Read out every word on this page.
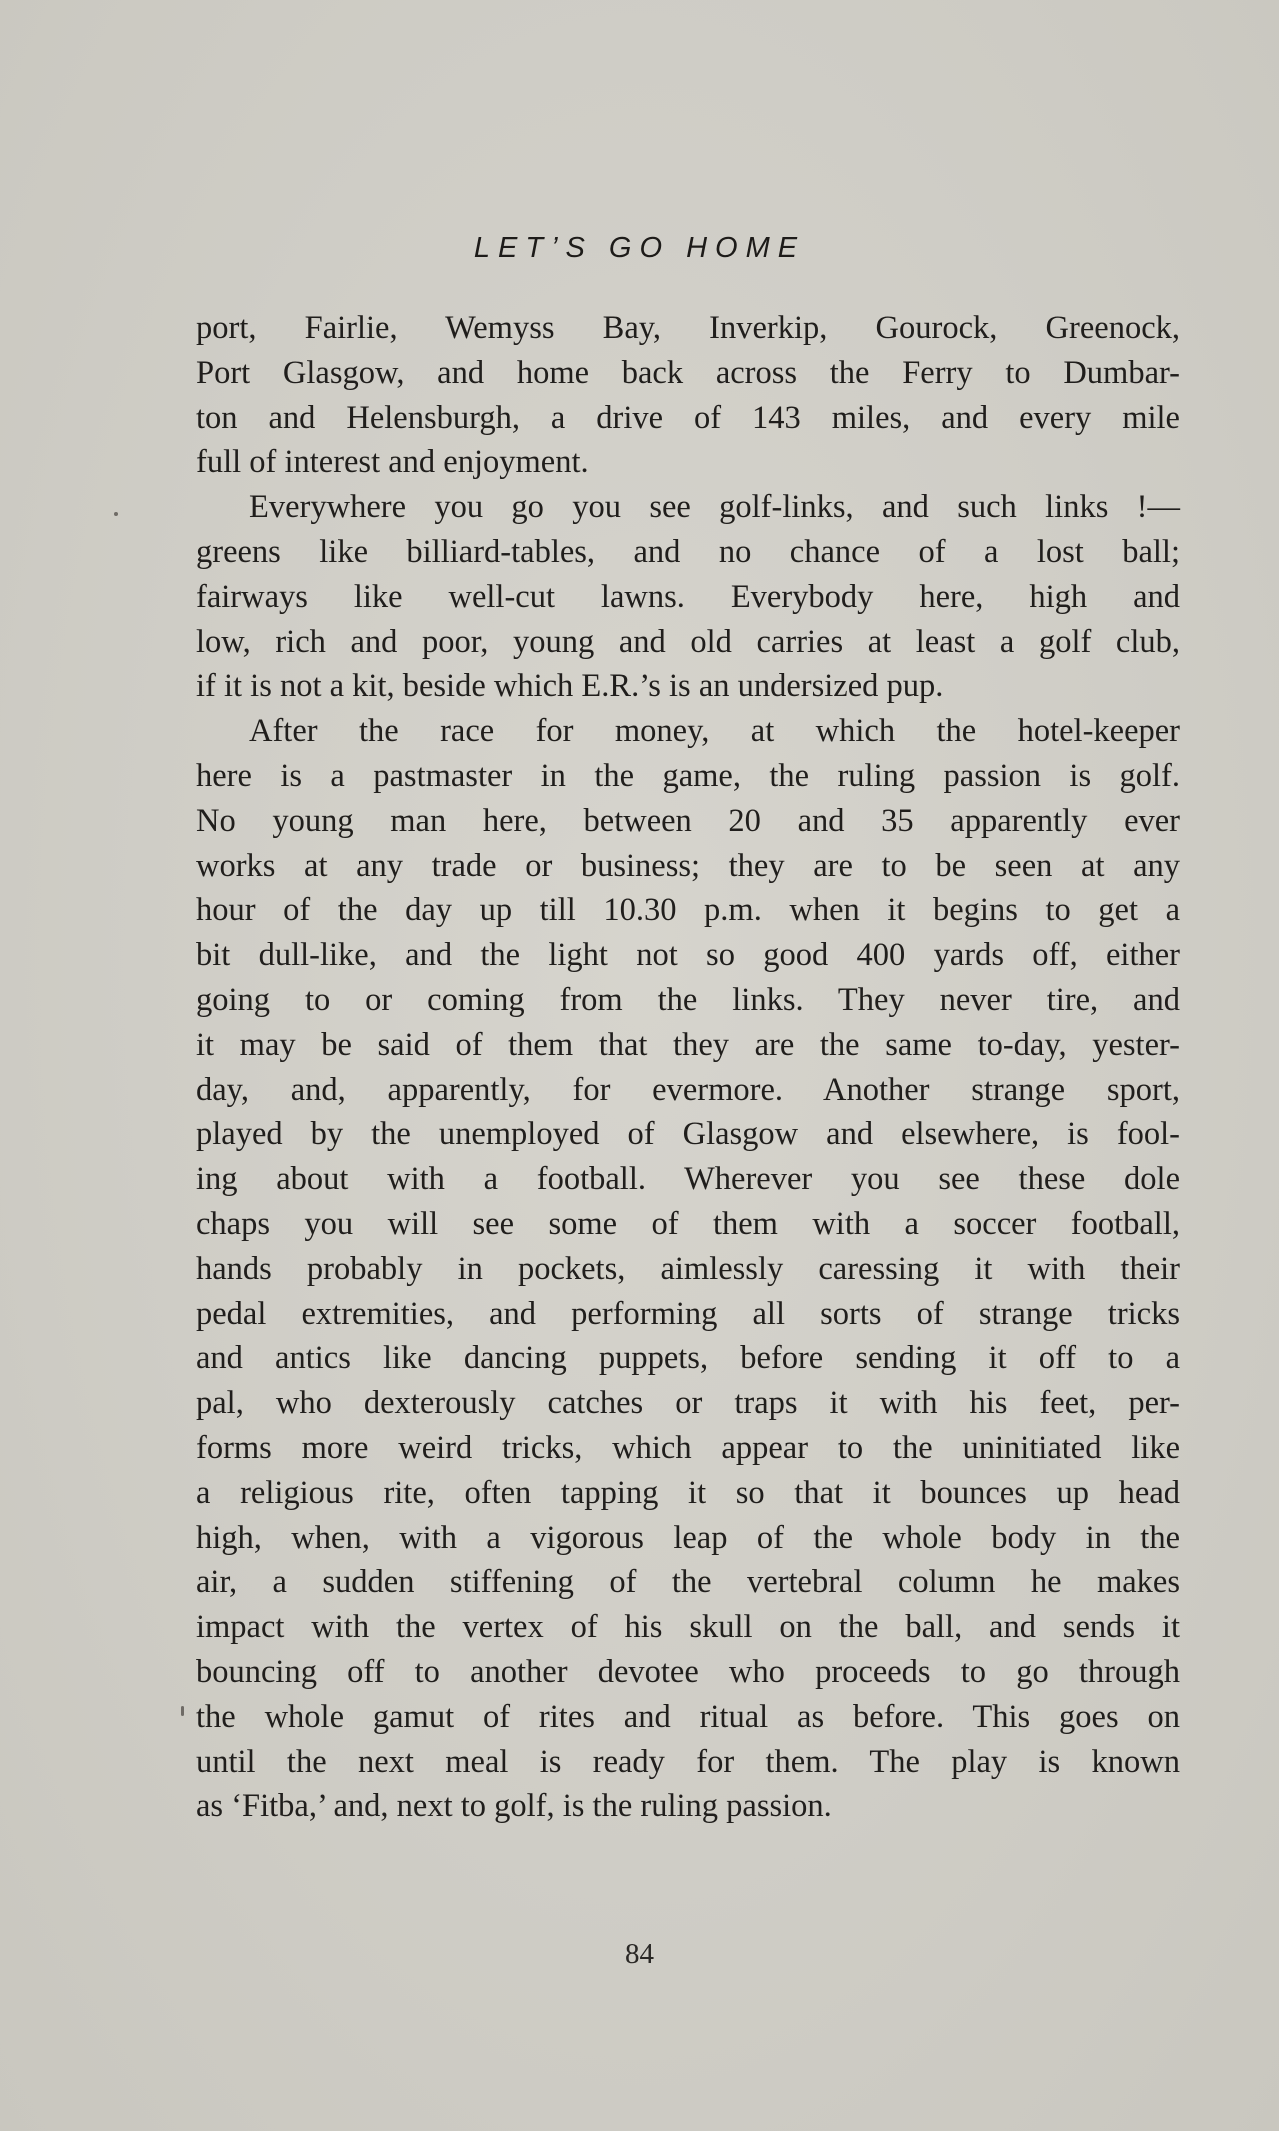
LET’S GO HOME
port, Fairlie, Wemyss Bay, Inverkip, Gourock, Greenock,
Port Glasgow, and home back across the Ferry to Dumbar-
ton and Helensburgh, a drive of 143 miles, and every mile
full of interest and enjoyment.
Everywhere you go you see golf-links, and such links !—
greens like billiard-tables, and no chance of a lost ball;
fairways like well-cut lawns. Everybody here, high and
low, rich and poor, young and old carries at least a golf club,
if it is not a kit, beside which E.R.’s is an undersized pup.
After the race for money, at which the hotel-keeper
here is a pastmaster in the game, the ruling passion is golf.
No young man here, between 20 and 35 apparently ever
works at any trade or business; they are to be seen at any
hour of the day up till 10.30 p.m. when it begins to get a
bit dull-like, and the light not so good 400 yards off, either
going to or coming from the links. They never tire, and
it may be said of them that they are the same to-day, yester-
day, and, apparently, for evermore. Another strange sport,
played by the unemployed of Glasgow and elsewhere, is fool-
ing about with a football. Wherever you see these dole
chaps you will see some of them with a soccer football,
hands probably in pockets, aimlessly caressing it with their
pedal extremities, and performing all sorts of strange tricks
and antics like dancing puppets, before sending it off to a
pal, who dexterously catches or traps it with his feet, per-
forms more weird tricks, which appear to the uninitiated like
a religious rite, often tapping it so that it bounces up head
high, when, with a vigorous leap of the whole body in the
air, a sudden stiffening of the vertebral column he makes
impact with the vertex of his skull on the ball, and sends it
bouncing off to another devotee who proceeds to go through
the whole gamut of rites and ritual as before. This goes on
until the next meal is ready for them. The play is known
as ‘Fitba,’ and, next to golf, is the ruling passion.
84
